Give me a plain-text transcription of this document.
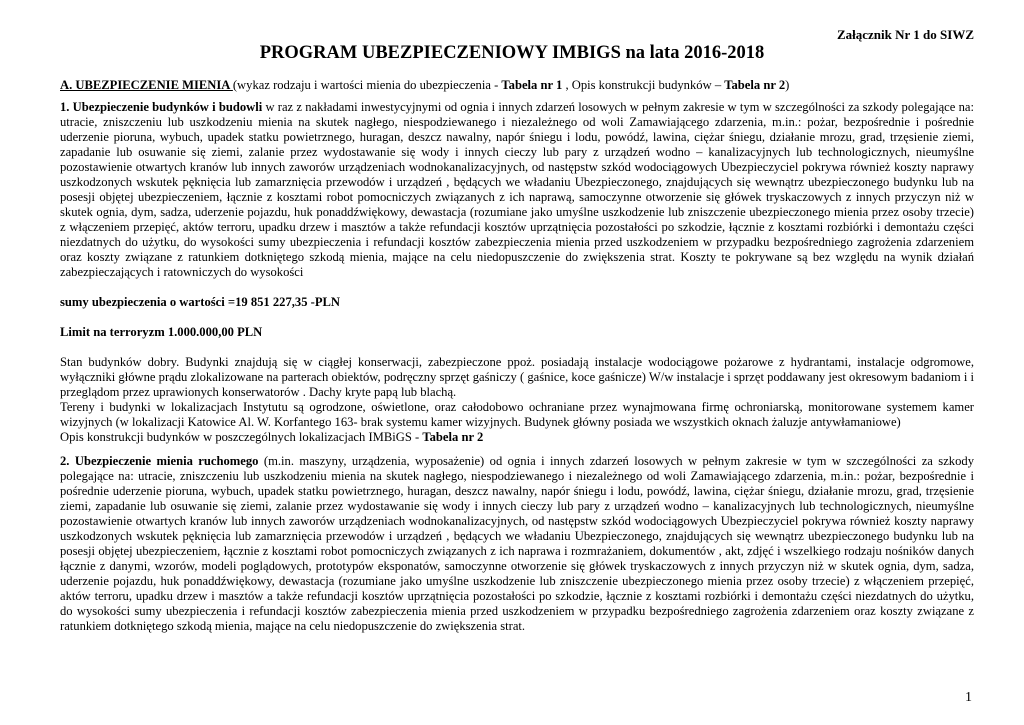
Załącznik Nr 1 do SIWZ
PROGRAM UBEZPIECZENIOWY IMBIGS na lata 2016-2018
A. UBEZPIECZENIE MIENIA (wykaz rodzaju i wartości mienia do ubezpieczenia - Tabela nr 1 , Opis konstrukcji budynków – Tabela nr 2)

1. Ubezpieczenie budynków i budowli w raz z nakładami inwestycyjnymi od ognia i innych zdarzeń losowych w pełnym zakresie w tym w szczególności za szkody polegające na: utracie, zniszczeniu lub uszkodzeniu mienia na skutek nagłego, niespodziewanego i niezależnego od woli Zamawiającego zdarzenia, m.in.: pożar, bezpośrednie i pośrednie uderzenie pioruna, wybuch, upadek statku powietrznego, huragan, deszcz nawalny, napór śniegu i lodu, powódź, lawina, ciężar śniegu, działanie mrozu, grad, trzęsienie ziemi, zapadanie lub osuwanie się ziemi, zalanie przez wydostawanie się wody i innych cieczy lub pary z urządzeń wodno – kanalizacyjnych lub technologicznych, nieumyślne pozostawienie otwartych kranów lub innych zaworów urządzeniach wodnokanalizacyjnych, od następstw szkód wodociągowych Ubezpieczyciel pokrywa również koszty naprawy uszkodzonych wskutek pęknięcia lub zamarznięcia przewodów i urządzeń , będących we władaniu Ubezpieczonego, znajdujących się wewnątrz ubezpieczonego budynku lub na posesji objętej ubezpieczeniem, łącznie z kosztami robot pomocniczych związanych z ich naprawą, samoczynne otworzenie się główek tryskaczowych z innych przyczyn niż w skutek ognia, dym, sadza, uderzenie pojazdu, huk ponaddźwiękowy, dewastacja (rozumiane jako umyślne uszkodzenie lub zniszczenie ubezpieczonego mienia przez osoby trzecie) z włączeniem przepięć, aktów terroru, upadku drzew i masztów a także refundacji kosztów uprzątnięcia pozostałości po szkodzie, łącznie z kosztami rozbiórki i demontażu części niezdatnych do użytku, do wysokości sumy ubezpieczenia i refundacji kosztów zabezpieczenia mienia przed uszkodzeniem w przypadku bezpośredniego zagrożenia zdarzeniem oraz koszty związane z ratunkiem dotkniętego szkodą mienia, mające na celu niedopuszczenie do zwiększenia strat. Koszty te pokrywane są bez względu na wynik działań zabezpieczających i ratowniczych do wysokości

sumy ubezpieczenia o wartości =19 851 227,35 -PLN

Limit na terroryzm 1.000.000,00 PLN

Stan budynków dobry. Budynki znajdują się w ciągłej konserwacji, zabezpieczone ppoż. posiadają instalacje wodociągowe pożarowe z hydrantami, instalacje odgromowe, wyłączniki główne prądu zlokalizowane na parterach obiektów, podręczny sprzęt gaśniczy ( gaśnice, koce gaśnicze) W/w instalacje i sprzęt poddawany jest okresowym badaniom i i przeglądom przez uprawionych konserwatorów . Dachy kryte papą lub blachą.

Tereny i budynki w lokalizacjach Instytutu są ogrodzone, oświetlone, oraz całodobowo ochraniane przez wynajmowana firmę ochroniarską, monitorowane systemem kamer wizyjnych (w lokalizacji Katowice Al. W. Korfantego 163- brak systemu kamer wizyjnych. Budynek główny posiada we wszystkich oknach żaluzje antywłamaniowe)

Opis konstrukcji budynków w poszczególnych lokalizacjach IMBiGS - Tabela nr 2

2. Ubezpieczenie mienia ruchomego (m.in. maszyny, urządzenia, wyposażenie) od ognia i innych zdarzeń losowych w pełnym zakresie w tym w szczególności za szkody polegające na: utracie, zniszczeniu lub uszkodzeniu mienia na skutek nagłego, niespodziewanego i niezależnego od woli Zamawiającego zdarzenia, m.in.: pożar, bezpośrednie i pośrednie uderzenie pioruna, wybuch, upadek statku powietrznego, huragan, deszcz nawalny, napór śniegu i lodu, powódź, lawina, ciężar śniegu, działanie mrozu, grad, trzęsienie ziemi, zapadanie lub osuwanie się ziemi, zalanie przez wydostawanie się wody i innych cieczy lub pary z urządzeń wodno – kanalizacyjnych lub technologicznych, nieumyślne pozostawienie otwartych kranów lub innych zaworów urządzeniach wodnokanalizacyjnych, od następstw szkód wodociągowych Ubezpieczyciel pokrywa również koszty naprawy uszkodzonych wskutek pęknięcia lub zamarznięcia przewodów i urządzeń , będących we władaniu Ubezpieczonego, znajdujących się wewnątrz ubezpieczonego budynku lub na posesji objętej ubezpieczeniem, łącznie z kosztami robot pomocniczych związanych z ich naprawa i rozmrażaniem, dokumentów , akt, zdjęć i wszelkiego rodzaju nośników danych łącznie z danymi, wzorów, modeli poglądowych, prototypów eksponatów, samoczynne otworzenie się główek tryskaczowych z innych przyczyn niż w skutek ognia, dym, sadza, uderzenie pojazdu, huk ponaddźwiękowy, dewastacja (rozumiane jako umyślne uszkodzenie lub zniszczenie ubezpieczonego mienia przez osoby trzecie) z włączeniem przepięć, aktów terroru, upadku drzew i masztów a także refundacji kosztów uprzątnięcia pozostałości po szkodzie, łącznie z kosztami rozbiórki i demontażu części niezdatnych do użytku, do wysokości sumy ubezpieczenia i refundacji kosztów zabezpieczenia mienia przed uszkodzeniem w przypadku bezpośredniego zagrożenia zdarzeniem oraz koszty związane z ratunkiem dotkniętego szkodą mienia, mające na celu niedopuszczenie do zwiększenia strat.

1
